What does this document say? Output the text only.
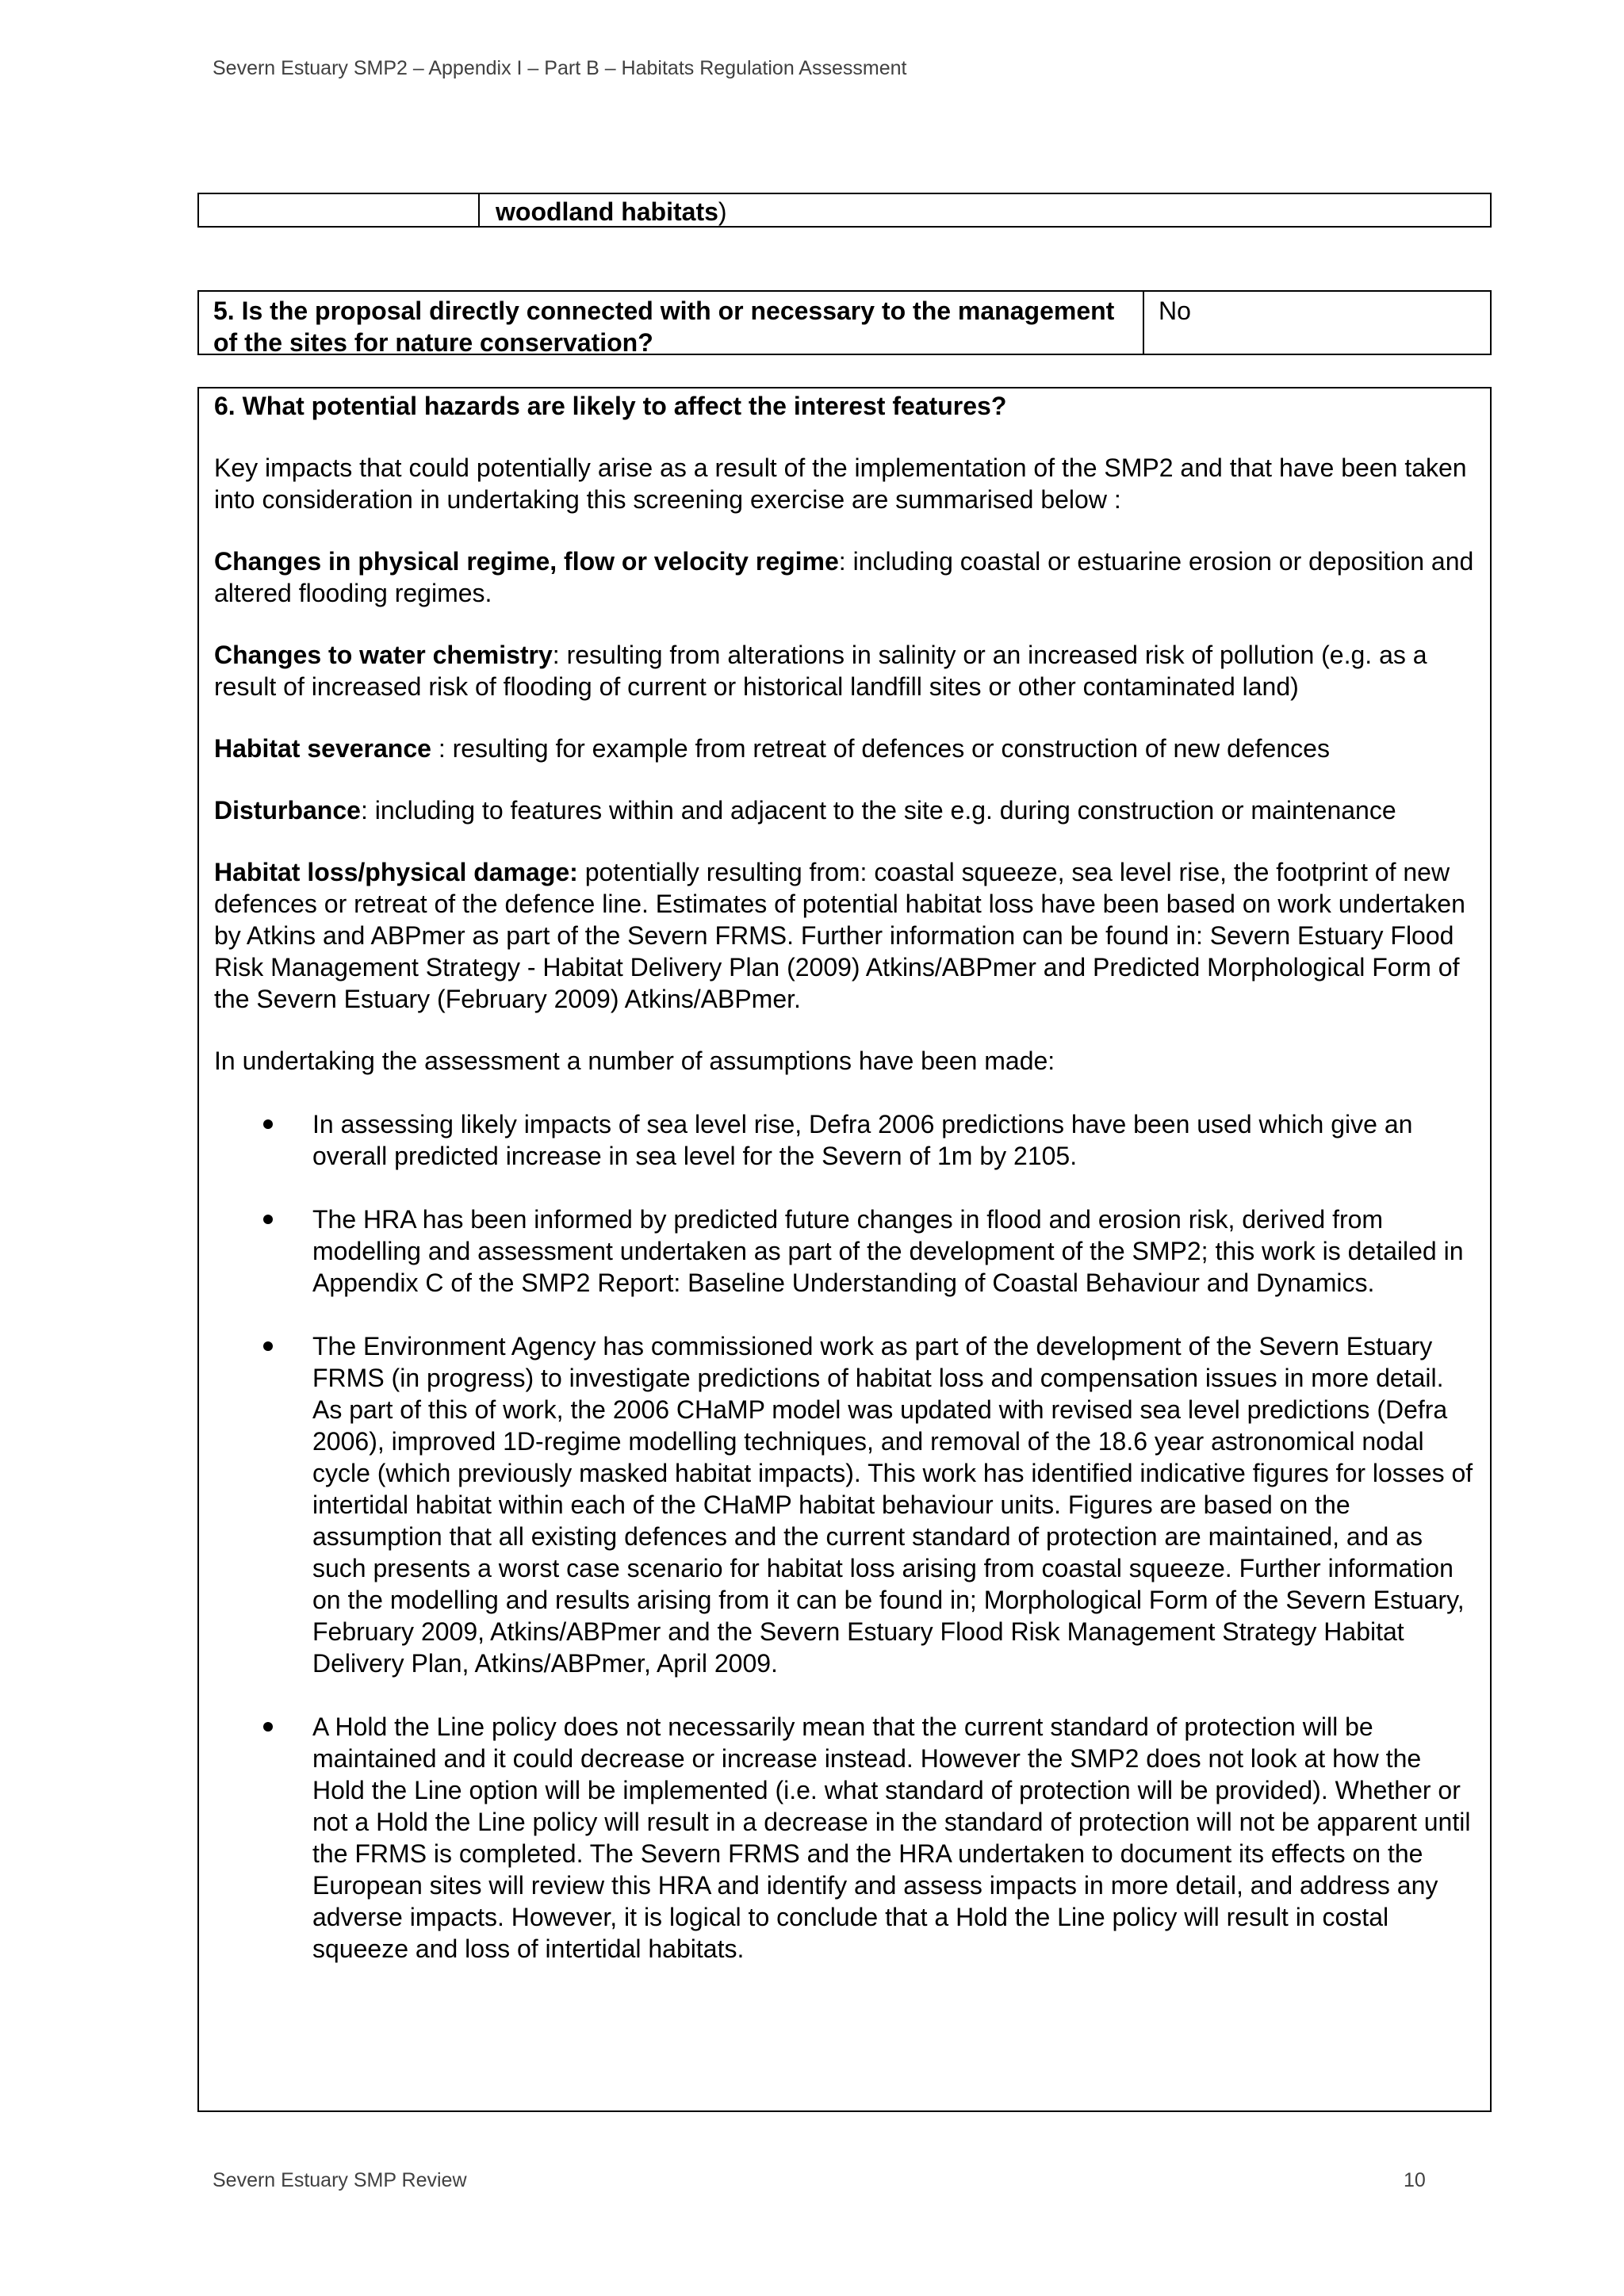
Severn Estuary SMP2 – Appendix I – Part B – Habitats Regulation Assessment
woodland habitats)
5. Is the proposal directly connected with or necessary to the management of the sites for nature conservation?
No

6. What potential hazards are likely to affect the interest features?

Key impacts that could potentially arise as a result of the implementation of the SMP2 and that have been taken into consideration in undertaking this screening exercise are summarised below :

Changes in physical regime, flow or velocity regime: including coastal or estuarine erosion or deposition and altered flooding regimes.

Changes to water chemistry: resulting from alterations in salinity or an increased risk of pollution (e.g. as a result of increased risk of flooding of current or historical landfill sites or other contaminated land)

Habitat severance : resulting for example from retreat of defences or construction of new defences

Disturbance: including to features within and adjacent to the site e.g. during construction or maintenance

Habitat loss/physical damage: potentially resulting from: coastal squeeze, sea level rise, the footprint of new defences or retreat of the defence line. Estimates of potential habitat loss have been based on work undertaken by Atkins and ABPmer as part of the Severn FRMS. Further information can be found in: Severn Estuary Flood Risk Management Strategy - Habitat Delivery Plan (2009) Atkins/ABPmer and Predicted Morphological Form of the Severn Estuary (February 2009) Atkins/ABPmer.

In undertaking the assessment a number of assumptions have been made:

In assessing likely impacts of sea level rise, Defra 2006 predictions have been used which give an overall predicted increase in sea level for the Severn of 1m by 2105.
The HRA has been informed by predicted future changes in flood and erosion risk, derived from modelling and assessment undertaken as part of the development of the SMP2; this work is detailed in Appendix C of the SMP2 Report: Baseline Understanding of Coastal Behaviour and Dynamics.
The Environment Agency has commissioned work as part of the development of the Severn Estuary FRMS (in progress) to investigate predictions of habitat loss and compensation issues in more detail. As part of this of work, the 2006 CHaMP model was updated with revised sea level predictions (Defra 2006), improved 1D-regime modelling techniques, and removal of the 18.6 year astronomical nodal cycle (which previously masked habitat impacts). This work has identified indicative figures for losses of intertidal habitat within each of the CHaMP habitat behaviour units. Figures are based on the assumption that all existing defences and the current standard of protection are maintained, and as such presents a worst case scenario for habitat loss arising from coastal squeeze. Further information on the modelling and results arising from it can be found in; Morphological Form of the Severn Estuary, February 2009, Atkins/ABPmer and the Severn Estuary Flood Risk Management Strategy Habitat Delivery Plan, Atkins/ABPmer, April 2009.
A Hold the Line policy does not necessarily mean that the current standard of protection will be maintained and it could decrease or increase instead. However the SMP2 does not look at how the Hold the Line option will be implemented (i.e. what standard of protection will be provided). Whether or not a Hold the Line policy will result in a decrease in the standard of protection will not be apparent until the FRMS is completed. The Severn FRMS and the HRA undertaken to document its effects on the European sites will review this HRA and identify and assess impacts in more detail, and address any adverse impacts. However, it is logical to conclude that a Hold the Line policy will result in costal squeeze and loss of intertidal habitats.
Severn Estuary SMP Review	10
